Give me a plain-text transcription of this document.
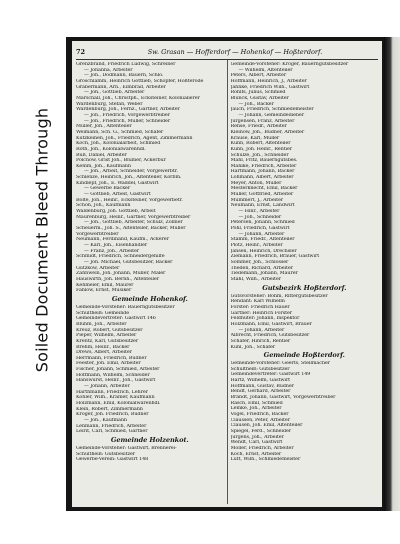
Soiled Document Bleed Through
72	Sw. Grasan — Hofferdorf — Hohenkof — Hoßterdorf.
Grenzbrand, Friedrich Ludwig, Schreiner
— Johanna, Arbeiter
— Joh., Dodmann, Bauern, Schlo.
Groschlamm, Heinrich Gottlieb, Schöpfer, Hoßterode
Grabermann, Arn., Eimbrad, Arbeiter
— Joh., Gottlieb, Arbeiter
Marschall, Joh., Chrsstph., Ecksteiner, Kolonialierer
Wardenburg, Stefan, Weber
Wardenburg, Joh., Fernz., Gärtner, Arbeiter
— Joh., Friedrich, Vorgewerbtreiber
— Joh., Friedrich, Müller, Schneider
Müller, Joh., Altenteiler
Weimann, Sch. G., Schmied, Schäfer
Kutzkeinen, Joh., Friedrich, Agent, Zimmermann
Koch, Joh., Kolonialarbeit, Schmied
Roth, Joh., Kolonialwarenhdl.
Buß, Daniel, Arbeiter
Polchow, Grist Joh., Blumer, Ackerbür
Kemm, Joh., Kaufmann
— Joh., Arbeit, Schneider, Vorgewerbtr.
Schlenze, Heinrich, Joh., Altenteiler, Korbm.
Kindlepf, Joh., E. Waddel, Gastwirt
— Gewerbe Bäcker
— Gottlieb, Arbeit, Gastwirt
Bolte, Joh., Heinr., Ecksteiner, Vorgewerbetr.
Schön, Joh., Kaufmann
Waldenburg, Joh. Gottlieb, Arbeit
Maurenburg, Heinr., Gärtner, Vorgewerbtreiber
— Joh., Gottlieb, Arbeiter, Schulz, Zöllner
Scheuerm., Joh. S., Altenteiler, Bäcker, Müller
Vorgewerbtreiber
Neumann, Ferdinand, Kaufm., Ackerer
— Karl, Joh., Eisenhändler
— Franz, Joh., Arbeiter
Schmidt, Friedrich, Schneidergehilfe
— Joh. Michael, Gutsbesitzer, Bäcker
Gutzkow, Arbeiter
Zahnwein, Joh. Johann, Müller, Maler
Hauswirth, Joh. Bernh., Altenteiler
Kehmeier, Emil, Maurer
Fahlow, Ernst, Musiker
Gemeinde Hohenkof.
Gemeinde-Vorsteher: Bauerngutsbesitzer
Schultheiß: Gemeinde
Gemeindevertreter: Gastwirt 146
Bluhm, Joh., Arbeiter
Kreuz, Robert, Gutsbesitzer
Pieper, Wilhelm, Arbeiter
Krentz, Karl, Gutsbesitzer
Brehm, Heinr., Bäcker
Drews, Albert, Arbeiter
Herrmann, Friedrich, Büdner
Feester, Joh. Emil, Arbeiter
Fischer, Johann, Schmied, Arbeiter
Hoffmann, Wilhelm, Schneider
Hanswurst, Heinr., Joh., Gastwirt
— Johann, Arbeiter
Harthmann, Friedrich, Lehrer
Köhler, Wilh., Krämer, Kaufmann
Holzmann, Emil, Kolonialwarenhdl.
Klein, Robert, Zimmermann
Kröger, Joh. Friedrich, Büdner
— Joh., Kaufmann
Lehmann, Friedrich, Arbeiter
Leirit, Carl, Schmied, Gärtner
Gemeinde Holzenkot.
Gemeinde-Vorsteher: Gastwirt, Brennerei-
Schultheiß: Gutsbesitzer
Gewerbe-Verein: Gastwirt 148
Gemeinde-Vorsteher: Kröger, Bauerngutsbesitzer
— Wilhelm, Altenteiler
Peters, Albert, Arbeiter
Hoffmann, Heinrich, J., Arbeiter
Jahnke, Friedrich Wilh., Gastwirt
Rohlfs, Julius, Schmied
Blunck, Gustav, Arbeiter
— Joh., Bäcker
Jauch, Friedrich, Schmiedemeister
— Johann, Gemeindediener
Jürgensen, Franz, Arbeiter
Rehse, Friedr., Arbeiter
Kleinow, Joh., Büdner, Arbeiter
Krause, Karl, Müller
Kühn, Robert, Altenteiler
Kühn, Joh. Heinr., Rentier
Schulze, Joh., Schneider
Mähl, Fritz, Bauerngutsbes.
Mahlke, Friedrich, Arbeiter
Hartmann, Johann, Bäcker
Lohmann, Albert, Arbeiter
Meyer, Anton, Müller
Mesterknecht, Emil, Bäcker
Müller, Gottfried, Arbeiter
Mummert, J., Arbeiter
Neumann, Ernst, Landwirt
— Hinr., Arbeiter
— Joh., Schneider
Petersen, Johann, Schmied
Pohl, Friedrich, Gastwirt
— Johann, Arbeiter
Stamm, Friedr., Altenteiler
Plötz, Heinr., Arbeiter
Jansen, Heinrich, Drechsler
Ziemann, Friedrich, Brauer, Gastwirt
Sommer, Joh., Schlosser
Theden, Richard, Arbeiter
Tiedemann, Johann, Maurer
Stahl, Wilh., Arbeiter
Gutsbezirk Hoßterdorf.
Gutsvorsteher: Böhm, Rittergutsbesitzer
Rendant: Karl Wilhelm
Förster: Friedrich Hauer
Gärtner: Heinrich Förster
Feldhüter: Johann, Inspektor
Holzmann, Emil, Gastwirt, Brauer
— Johann, Arbeiter
Albrecht, Friedrich, Gutsbesitzer
Schäfer, Hinrich, Rentier
Kühl, Joh., Schäfer
Gemeinde Hoßterdorf.
Gemeinde-Vorsteher: Geerts, Stellmacher
Schultheiß: Gutsbesitzer
Gemeindevertreter: Gastwirt 149
Hartz, Wilhelm, Gastwirt
Hoffmann, Gustav, Büdner
Bendt, Gerhard, Arbeiter
Brandt, Johann, Gastwirt, Vorgewerbtreiber
Rasch, Emil, Schmied
Lemke, Joh., Arbeiter
Vogel, Friedrich, Bäcker
Claussen, Peter, Arbeiter
Clausen, Joh. Emil, Altenteiler
Spiegel, Ferd., Schneider
Jürgens, Joh., Arbeiter
Wendt, Carl, Gastwirt
Möller, Friedrich, Arbeiter
Koch, Ernst, Arbeiter
Lütt, Wilh., Schmiedemeister
